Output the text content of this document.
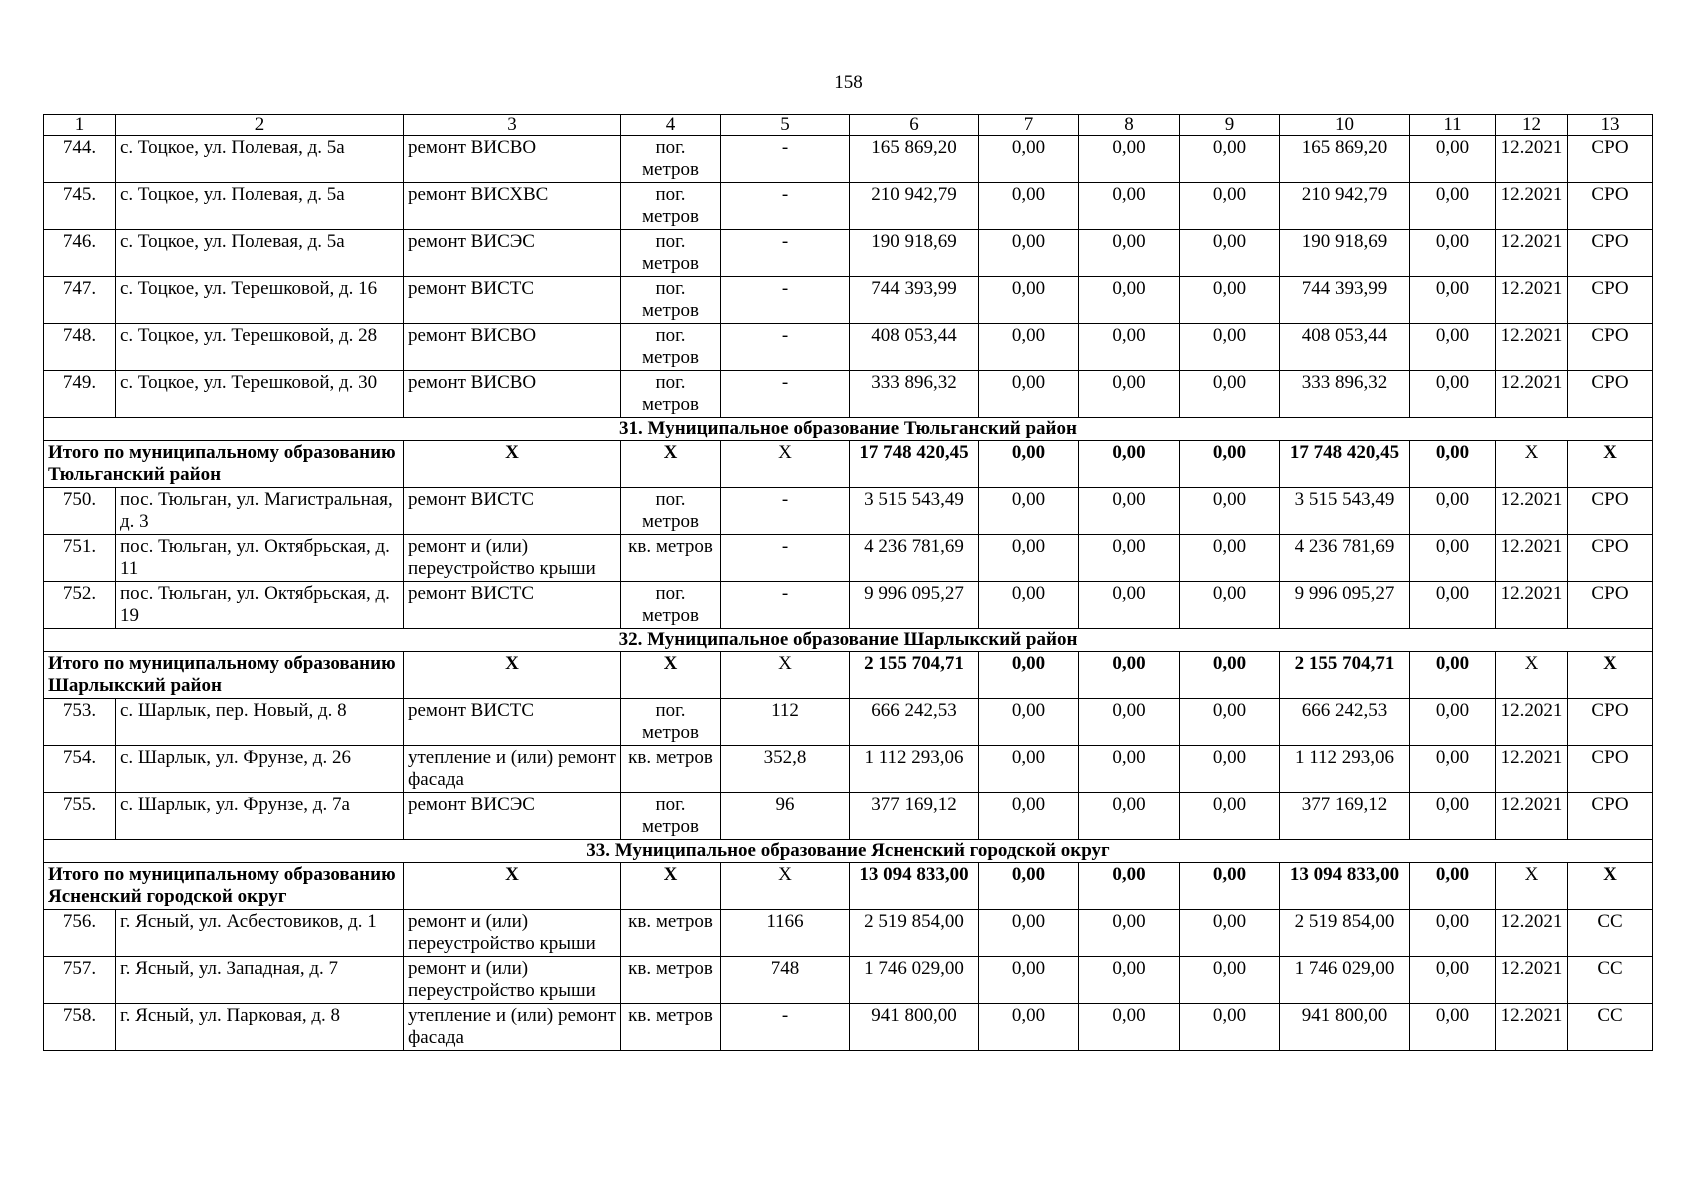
158
1	2	3	4	5	6	7	8	9	10	11	12	13
744.	с. Тоцкое, ул. Полевая, д. 5а	ремонт ВИСВО	пог. метров	-	165 869,20	0,00	0,00	0,00	165 869,20	0,00	12.2021	СРО
745.	с. Тоцкое, ул. Полевая, д. 5а	ремонт ВИСХВС	пог. метров	-	210 942,79	0,00	0,00	0,00	210 942,79	0,00	12.2021	СРО
746.	с. Тоцкое, ул. Полевая, д. 5а	ремонт ВИСЭС	пог. метров	-	190 918,69	0,00	0,00	0,00	190 918,69	0,00	12.2021	СРО
747.	с. Тоцкое, ул. Терешковой, д. 16	ремонт ВИСТС	пог. метров	-	744 393,99	0,00	0,00	0,00	744 393,99	0,00	12.2021	СРО
748.	с. Тоцкое, ул. Терешковой, д. 28	ремонт ВИСВО	пог. метров	-	408 053,44	0,00	0,00	0,00	408 053,44	0,00	12.2021	СРО
749.	с. Тоцкое, ул. Терешковой, д. 30	ремонт ВИСВО	пог. метров	-	333 896,32	0,00	0,00	0,00	333 896,32	0,00	12.2021	СРО
31. Муниципальное образование Тюльганский район												
Итого по муниципальному образованию Тюльганский район		X	X	X	17 748 420,45	0,00	0,00	0,00	17 748 420,45	0,00	X	X
750.	пос. Тюльган, ул. Магистральная, д. 3	ремонт ВИСТС	пог. метров	-	3 515 543,49	0,00	0,00	0,00	3 515 543,49	0,00	12.2021	СРО
751.	пос. Тюльган, ул. Октябрьская, д. 11	ремонт и (или) переустройство крыши	кв. метров	-	4 236 781,69	0,00	0,00	0,00	4 236 781,69	0,00	12.2021	СРО
752.	пос. Тюльган, ул. Октябрьская, д. 19	ремонт ВИСТС	пог. метров	-	9 996 095,27	0,00	0,00	0,00	9 996 095,27	0,00	12.2021	СРО
32. Муниципальное образование Шарлыкский район												
Итого по муниципальному образованию Шарлыкский район		X	X	X	2 155 704,71	0,00	0,00	0,00	2 155 704,71	0,00	X	X
753.	с. Шарлык, пер. Новый, д. 8	ремонт ВИСТС	пог. метров	112	666 242,53	0,00	0,00	0,00	666 242,53	0,00	12.2021	СРО
754.	с. Шарлык, ул. Фрунзе, д. 26	утепление и (или) ремонт фасада	кв. метров	352,8	1 112 293,06	0,00	0,00	0,00	1 112 293,06	0,00	12.2021	СРО
755.	с. Шарлык, ул. Фрунзе, д. 7а	ремонт ВИСЭС	пог. метров	96	377 169,12	0,00	0,00	0,00	377 169,12	0,00	12.2021	СРО
33. Муниципальное образование Ясненский городской округ												
Итого по муниципальному образованию Ясненский городской округ		X	X	X	13 094 833,00	0,00	0,00	0,00	13 094 833,00	0,00	X	X
756.	г. Ясный, ул. Асбестовиков, д. 1	ремонт и (или) переустройство крыши	кв. метров	1166	2 519 854,00	0,00	0,00	0,00	2 519 854,00	0,00	12.2021	СС
757.	г. Ясный, ул. Западная, д. 7	ремонт и (или) переустройство крыши	кв. метров	748	1 746 029,00	0,00	0,00	0,00	1 746 029,00	0,00	12.2021	СС
758.	г. Ясный, ул. Парковая, д. 8	утепление и (или) ремонт фасада	кв. метров	-	941 800,00	0,00	0,00	0,00	941 800,00	0,00	12.2021	СС
